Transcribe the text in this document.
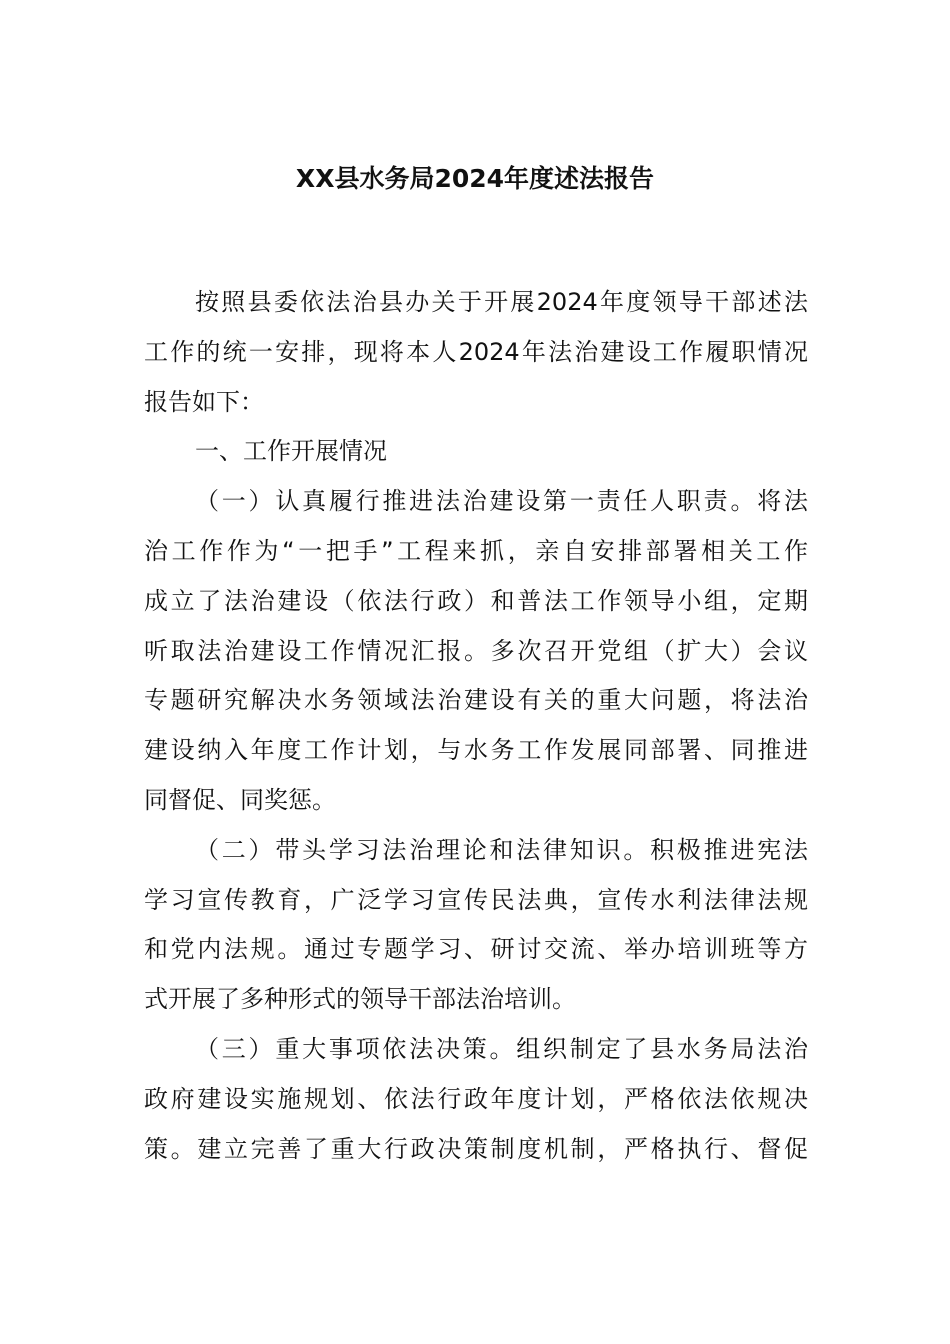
XX县水务局2024年度述法报告
按照县委依法治县办关于开展2024年度领导干部述法
工作的统一安排，现将本人2024年法治建设工作履职情况
报告如下：
一、工作开展情况
（一）认真履行推进法治建设第一责任人职责。将法
治工作作为“一把手”工程来抓，亲自安排部署相关工作
成立了法治建设（依法行政）和普法工作领导小组，定期
听取法治建设工作情况汇报。多次召开党组（扩大）会议
专题研究解决水务领域法治建设有关的重大问题，将法治
建设纳入年度工作计划，与水务工作发展同部署、同推进
同督促、同奖惩。
（二）带头学习法治理论和法律知识。积极推进宪法
学习宣传教育，广泛学习宣传民法典，宣传水利法律法规
和党内法规。通过专题学习、研讨交流、举办培训班等方
式开展了多种形式的领导干部法治培训。
（三）重大事项依法决策。组织制定了县水务局法治
政府建设实施规划、依法行政年度计划，严格依法依规决
策。建立完善了重大行政决策制度机制，严格执行、督促
